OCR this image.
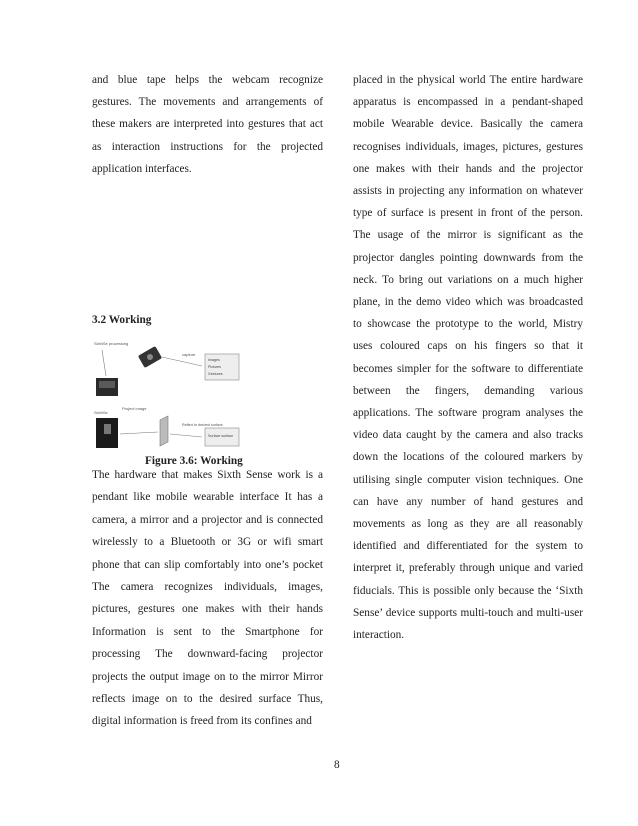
and blue tape helps the webcam recognize gestures. The movements and arrangements of these makers are interpreted into gestures that act as interaction instructions for the projected application interfaces.

3.2 Working
SixthSe processing
SixthSe
Project image
capture
Reflect to desired surface
Images
Pictures
Gestures
Surface surface
Figure 3.6: Working
The hardware that makes Sixth Sense work is a pendant like mobile wearable interface It has a camera, a mirror and a projector and is connected wirelessly to a Bluetooth or 3G or wifi smart phone that can slip comfortably into one’s pocket The camera recognizes individuals, images, pictures, gestures one makes with their hands Information is sent to the Smartphone for processing The downward-facing projector projects the output image on to the mirror Mirror reflects image on to the desired surface Thus, digital information is freed from its confines and
placed in the physical world The entire hardware apparatus is encompassed in a pendant-shaped mobile Wearable device. Basically the camera recognises individuals, images, pictures, gestures one makes with their hands and the projector assists in projecting any information on whatever type of surface is present in front of the person. The usage of the mirror is significant as the projector dangles pointing downwards from the neck. To bring out variations on a much higher plane, in the demo video which was broadcasted to showcase the prototype to the world, Mistry uses coloured caps on his fingers so that it becomes simpler for the software to differentiate between the fingers, demanding various applications. The software program analyses the video data caught by the camera and also tracks down the locations of the coloured markers by utilising single computer vision techniques. One can have any number of hand gestures and movements as long as they are all reasonably identified and differentiated for the system to interpret it, preferably through unique and varied fiducials. This is possible only because the ‘Sixth Sense’ device supports multi-touch and multi-user interaction.
8
